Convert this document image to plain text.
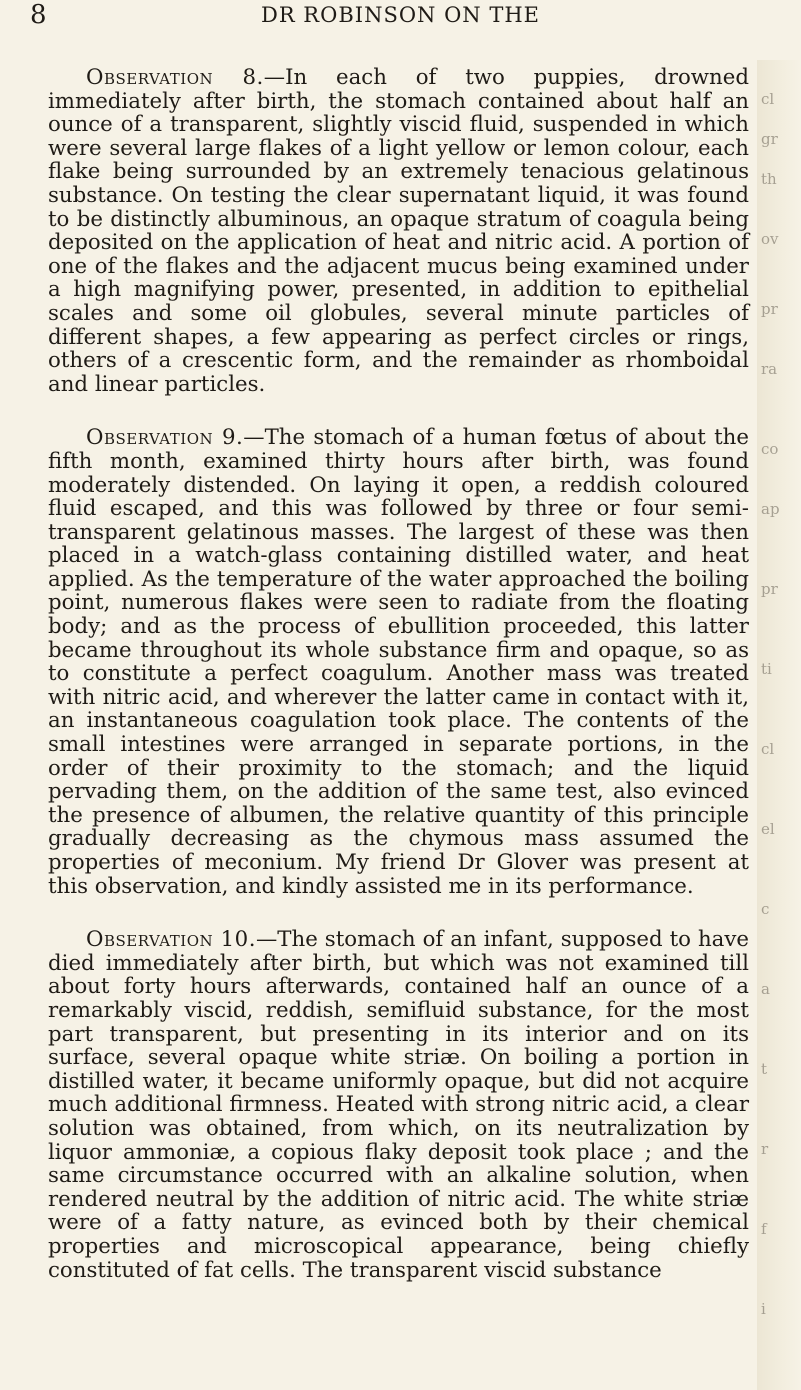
8	DR ROBINSON ON THE

Observation 8.—In each of two puppies, drowned immediately after birth, the stomach contained about half an ounce of a transparent, slightly viscid fluid, suspended in which were several large flakes of a light yellow or lemon colour, each flake being surrounded by an extremely tenacious gelatinous substance. On testing the clear supernatant liquid, it was found to be distinctly albuminous, an opaque stratum of coagula being deposited on the application of heat and nitric acid. A portion of one of the flakes and the adjacent mucus being examined under a high magnifying power, presented, in addition to epithelial scales and some oil globules, several minute particles of different shapes, a few appearing as perfect circles or rings, others of a crescentic form, and the remainder as rhomboidal and linear particles.

Observation 9.—The stomach of a human fœtus of about the fifth month, examined thirty hours after birth, was found moderately distended. On laying it open, a reddish coloured fluid escaped, and this was followed by three or four semi-transparent gelatinous masses. The largest of these was then placed in a watch-glass containing distilled water, and heat applied. As the temperature of the water approached the boiling point, numerous flakes were seen to radiate from the floating body; and as the process of ebullition proceeded, this latter became throughout its whole substance firm and opaque, so as to constitute a perfect coagulum. Another mass was treated with nitric acid, and wherever the latter came in contact with it, an instantaneous coagulation took place. The contents of the small intestines were arranged in separate portions, in the order of their proximity to the stomach; and the liquid pervading them, on the addition of the same test, also evinced the presence of albumen, the relative quantity of this principle gradually decreasing as the chymous mass assumed the properties of meconium. My friend Dr Glover was present at this observation, and kindly assisted me in its performance.

Observation 10.—The stomach of an infant, supposed to have died immediately after birth, but which was not examined till about forty hours afterwards, contained half an ounce of a remarkably viscid, reddish, semifluid substance, for the most part transparent, but presenting in its interior and on its surface, several opaque white striæ. On boiling a portion in distilled water, it became uniformly opaque, but did not acquire much additional firmness. Heated with strong nitric acid, a clear solution was obtained, from which, on its neutralization by liquor ammoniæ, a copious flaky deposit took place ; and the same circumstance occurred with an alkaline solution, when rendered neutral by the addition of nitric acid. The white striæ were of a fatty nature, as evinced both by their chemical properties and microscopical appearance, being chiefly constituted of fat cells. The transparent viscid substance

cl
gr
th
ov
pr
ra
co
ap
pr
ti
cl
el
c
a
t
r
f
i
